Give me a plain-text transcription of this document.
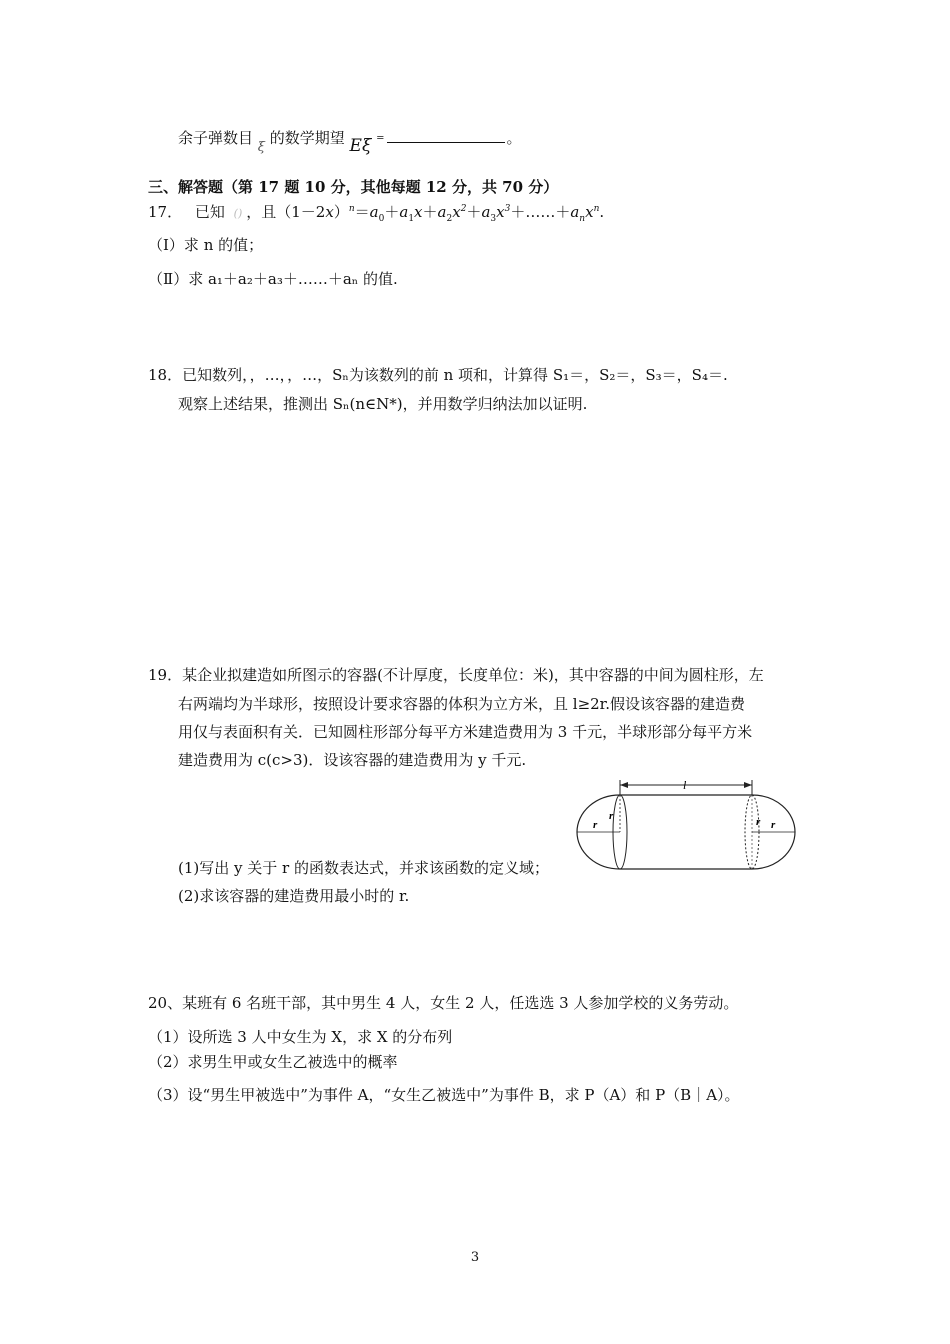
余子弹数目 ξ 的数学期望 Eξ =	。
三、解答题（第 17 题 10 分，其他每题 12 分，共 70 分）
17． 已知 () ，且$(1-2x)^n=a_0+a_1x+a_2x^2+a_3x^3+\dots\dots+a_nx^n$.
（Ⅰ）求 n 的值；
（Ⅱ）求 a₁＋a₂＋a₃＋……＋aₙ 的值.
18．已知数列，，…，，…，Sₙ为该数列的前 n 项和，计算得 S₁＝，S₂＝，S₃＝，S₄＝.
观察上述结果，推测出 Sₙ(n∈N*)，并用数学归纳法加以证明.
19．某企业拟建造如所图示的容器(不计厚度，长度单位：米)，其中容器的中间为圆柱形，左
右两端均为半球形，按照设计要求容器的体积为立方米，且 l≥2r.假设该容器的建造费
用仅与表面积有关．已知圆柱形部分每平方米建造费用为 3 千元，半球形部分每平方米
建造费用为 c(c>3)．设该容器的建造费用为 y 千元.
l
r
r	r r
(1)写出 y 关于 r 的函数表达式，并求该函数的定义域；
(2)求该容器的建造费用最小时的 r.
20、某班有 6 名班干部，其中男生 4 人，女生 2 人，任选选 3 人参加学校的义务劳动。
（1）设所选 3 人中女生为 X，求 X 的分布列
（2）求男生甲或女生乙被选中的概率
（3）设“男生甲被选中”为事件 A，“女生乙被选中”为事件 B，求 P（A）和 P（B｜A）。
3
